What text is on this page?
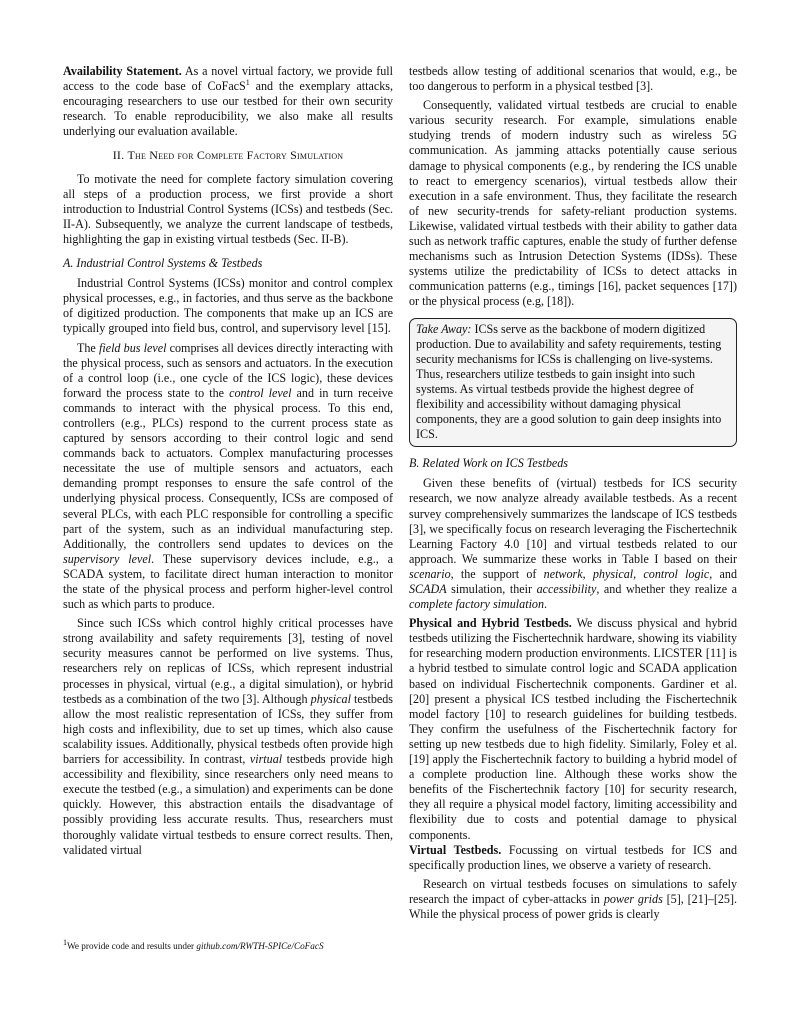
Availability Statement. As a novel virtual factory, we provide full access to the code base of CoFacS$^1$ and the exemplary attacks, encouraging researchers to use our testbed for their own security research. To enable reproducibility, we also make all results underlying our evaluation available.

II. The Need for Complete Factory Simulation

To motivate the need for complete factory simulation covering all steps of a production process, we first provide a short introduction to Industrial Control Systems (ICSs) and testbeds (Sec. II-A). Subsequently, we analyze the current landscape of testbeds, highlighting the gap in existing virtual testbeds (Sec. II-B).

A. Industrial Control Systems & Testbeds

Industrial Control Systems (ICSs) monitor and control complex physical processes, e.g., in factories, and thus serve as the backbone of digitized production. The components that make up an ICS are typically grouped into field bus, control, and supervisory level [15].

The field bus level comprises all devices directly interacting with the physical process, such as sensors and actuators. In the execution of a control loop (i.e., one cycle of the ICS logic), these devices forward the process state to the control level and in turn receive commands to interact with the physical process. To this end, controllers (e.g., PLCs) respond to the current process state as captured by sensors according to their control logic and send commands back to actuators. Complex manufacturing processes necessitate the use of multiple sensors and actuators, each demanding prompt responses to ensure the safe control of the underlying physical process. Consequently, ICSs are composed of several PLCs, with each PLC responsible for controlling a specific part of the system, such as an individual manufacturing step. Additionally, the controllers send updates to devices on the supervisory level. These supervisory devices include, e.g., a SCADA system, to facilitate direct human interaction to monitor the state of the physical process and perform higher-level control such as which parts to produce.

Since such ICSs which control highly critical processes have strong availability and safety requirements [3], testing of novel security measures cannot be performed on live systems. Thus, researchers rely on replicas of ICSs, which represent industrial processes in physical, virtual (e.g., a digital simulation), or hybrid testbeds as a combination of the two [3]. Although physical testbeds allow the most realistic representation of ICSs, they suffer from high costs and inflexibility, due to set up times, which also cause scalability issues. Additionally, physical testbeds often provide high barriers for accessibility. In contrast, virtual testbeds provide high accessibility and flexibility, since researchers only need means to execute the testbed (e.g., a simulation) and experiments can be done quickly. However, this abstraction entails the disadvantage of possibly providing less accurate results. Thus, researchers must thoroughly validate virtual testbeds to ensure correct results. Then, validated virtual

$^1$We provide code and results under github.com/RWTH-SPICe/CoFacS

testbeds allow testing of additional scenarios that would, e.g., be too dangerous to perform in a physical testbed [3].

Consequently, validated virtual testbeds are crucial to enable various security research. For example, simulations enable studying trends of modern industry such as wireless 5G communication. As jamming attacks potentially cause serious damage to physical components (e.g., by rendering the ICS unable to react to emergency scenarios), virtual testbeds allow their execution in a safe environment. Thus, they facilitate the research of new security-trends for safety-reliant production systems. Likewise, validated virtual testbeds with their ability to gather data such as network traffic captures, enable the study of further defense mechanisms such as Intrusion Detection Systems (IDSs). These systems utilize the predictability of ICSs to detect attacks in communication patterns (e.g., timings [16], packet sequences [17]) or the physical process (e.g, [18]).

Take Away: ICSs serve as the backbone of modern digitized production. Due to availability and safety requirements, testing security mechanisms for ICSs is challenging on live-systems. Thus, researchers utilize testbeds to gain insight into such systems. As virtual testbeds provide the highest degree of flexibility and accessibility without damaging physical components, they are a good solution to gain deep insights into ICS.
B. Related Work on ICS Testbeds

Given these benefits of (virtual) testbeds for ICS security research, we now analyze already available testbeds. As a recent survey comprehensively summarizes the landscape of ICS testbeds [3], we specifically focus on research leveraging the Fischertechnik Learning Factory 4.0 [10] and virtual testbeds related to our approach. We summarize these works in Table I based on their scenario, the support of network, physical, control logic, and SCADA simulation, their accessibility, and whether they realize a complete factory simulation.

Physical and Hybrid Testbeds. We discuss physical and hybrid testbeds utilizing the Fischertechnik hardware, showing its viability for researching modern production environments. LICSTER [11] is a hybrid testbed to simulate control logic and SCADA application based on individual Fischertechnik components. Gardiner et al. [20] present a physical ICS testbed including the Fischertechnik model factory [10] to research guidelines for building testbeds. They confirm the usefulness of the Fischertechnik factory for setting up new testbeds due to high fidelity. Similarly, Foley et al. [19] apply the Fischertechnik factory to building a hybrid model of a complete production line. Although these works show the benefits of the Fischertechnik factory [10] for security research, they all require a physical model factory, limiting accessibility and flexibility due to costs and potential damage to physical components.

Virtual Testbeds. Focussing on virtual testbeds for ICS and specifically production lines, we observe a variety of research.

Research on virtual testbeds focuses on simulations to safely research the impact of cyber-attacks in power grids [5], [21]–[25]. While the physical process of power grids is clearly
